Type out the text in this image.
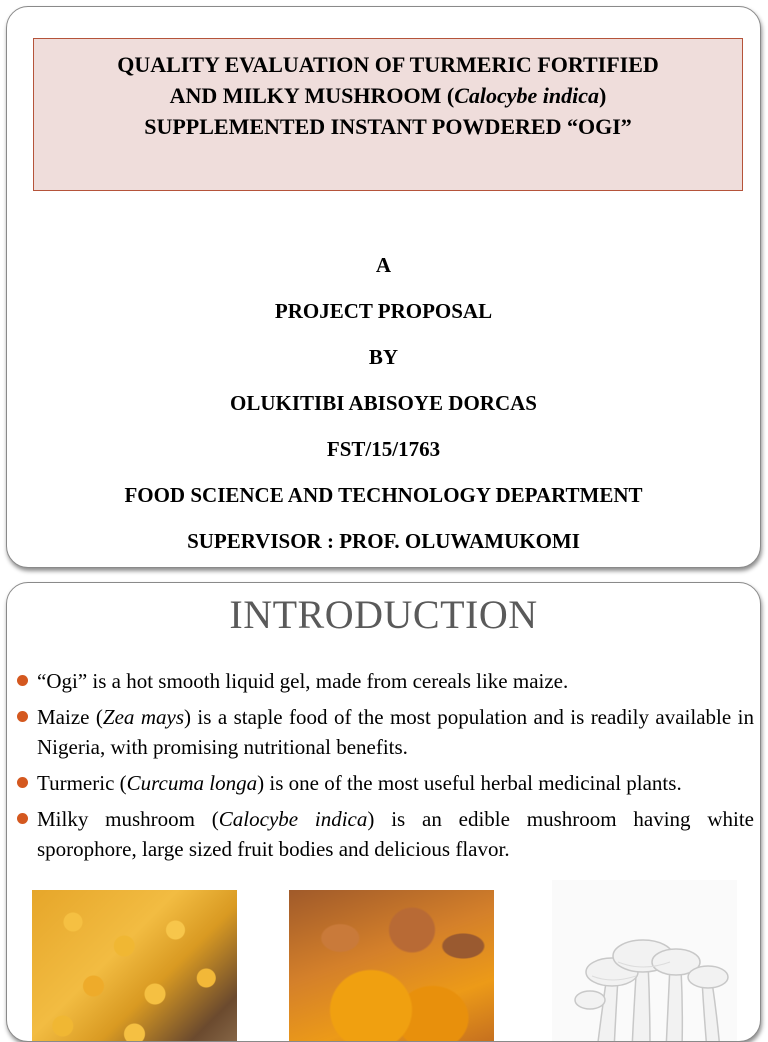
QUALITY EVALUATION OF TURMERIC FORTIFIED
AND MILKY MUSHROOM (Calocybe indica)
SUPPLEMENTED INSTANT POWDERED “OGI”
A
PROJECT PROPOSAL
BY
OLUKITIBI ABISOYE DORCAS
FST/15/1763
FOOD SCIENCE AND TECHNOLOGY DEPARTMENT
SUPERVISOR : PROF. OLUWAMUKOMI
INTRODUCTION
“Ogi” is a hot smooth liquid gel, made from cereals like maize.
Maize (Zea mays) is a staple food of the most population and is readily available in Nigeria, with promising nutritional benefits.
Turmeric (Curcuma longa) is one of the most useful herbal medicinal plants.
Milky mushroom (Calocybe indica) is an edible mushroom having white sporophore, large sized fruit bodies and delicious flavor.
